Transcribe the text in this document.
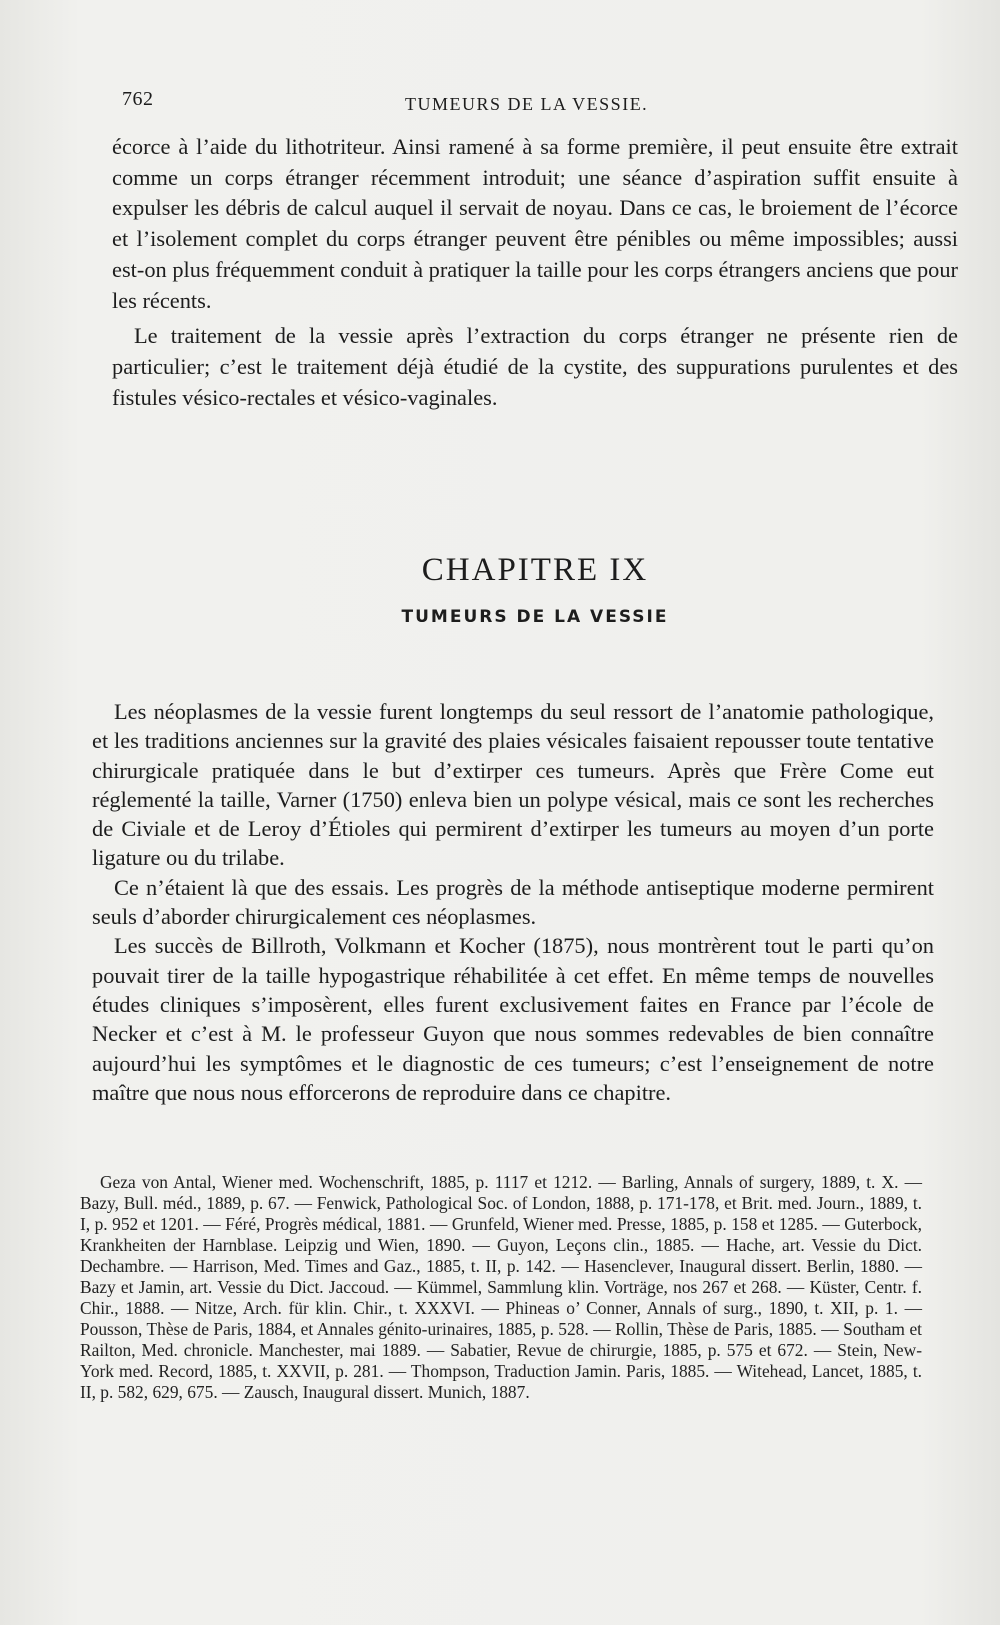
762	TUMEURS DE LA VESSIE.

écorce à l’aide du lithotriteur. Ainsi ramené à sa forme première, il peut ensuite être extrait comme un corps étranger récemment introduit; une séance d’aspiration suffit ensuite à expulser les débris de calcul auquel il servait de noyau. Dans ce cas, le broiement de l’écorce et l’isolement complet du corps étranger peuvent être pénibles ou même impossibles; aussi est-on plus fréquemment conduit à pratiquer la taille pour les corps étrangers anciens que pour les récents.

Le traitement de la vessie après l’extraction du corps étranger ne présente rien de particulier; c’est le traitement déjà étudié de la cystite, des suppurations purulentes et des fistules vésico-rectales et vésico-vaginales.

CHAPITRE IX
TUMEURS DE LA VESSIE

Les néoplasmes de la vessie furent longtemps du seul ressort de l’anatomie pathologique, et les traditions anciennes sur la gravité des plaies vésicales faisaient repousser toute tentative chirurgicale pratiquée dans le but d’extirper ces tumeurs. Après que Frère Come eut réglementé la taille, Varner (1750) enleva bien un polype vésical, mais ce sont les recherches de Civiale et de Leroy d’Étioles qui permirent d’extirper les tumeurs au moyen d’un porte ligature ou du trilabe.

Ce n’étaient là que des essais. Les progrès de la méthode antiseptique moderne permirent seuls d’aborder chirurgicalement ces néoplasmes.

Les succès de Billroth, Volkmann et Kocher (1875), nous montrèrent tout le parti qu’on pouvait tirer de la taille hypogastrique réhabilitée à cet effet. En même temps de nouvelles études cliniques s’imposèrent, elles furent exclusivement faites en France par l’école de Necker et c’est à M. le professeur Guyon que nous sommes redevables de bien connaître aujourd’hui les symptômes et le diagnostic de ces tumeurs; c’est l’enseignement de notre maître que nous nous efforcerons de reproduire dans ce chapitre.

Geza von Antal, Wiener med. Wochenschrift, 1885, p. 1117 et 1212. — Barling, Annals of surgery, 1889, t. X. — Bazy, Bull. méd., 1889, p. 67. — Fenwick, Pathological Soc. of London, 1888, p. 171-178, et Brit. med. Journ., 1889, t. I, p. 952 et 1201. — Féré, Progrès médical, 1881. — Grunfeld, Wiener med. Presse, 1885, p. 158 et 1285. — Guterbock, Krankheiten der Harnblase. Leipzig und Wien, 1890. — Guyon, Leçons clin., 1885. — Hache, art. Vessie du Dict. Dechambre. — Harrison, Med. Times and Gaz., 1885, t. II, p. 142. — Hasenclever, Inaugural dissert. Berlin, 1880. — Bazy et Jamin, art. Vessie du Dict. Jaccoud. — Kümmel, Sammlung klin. Vorträge, nos 267 et 268. — Küster, Centr. f. Chir., 1888. — Nitze, Arch. für klin. Chir., t. XXXVI. — Phineas o’ Conner, Annals of surg., 1890, t. XII, p. 1. — Pousson, Thèse de Paris, 1884, et Annales génito-urinaires, 1885, p. 528. — Rollin, Thèse de Paris, 1885. — Southam et Railton, Med. chronicle. Manchester, mai 1889. — Sabatier, Revue de chirurgie, 1885, p. 575 et 672. — Stein, New-York med. Record, 1885, t. XXVII, p. 281. — Thompson, Traduction Jamin. Paris, 1885. — Witehead, Lancet, 1885, t. II, p. 582, 629, 675. — Zausch, Inaugural dissert. Munich, 1887.
